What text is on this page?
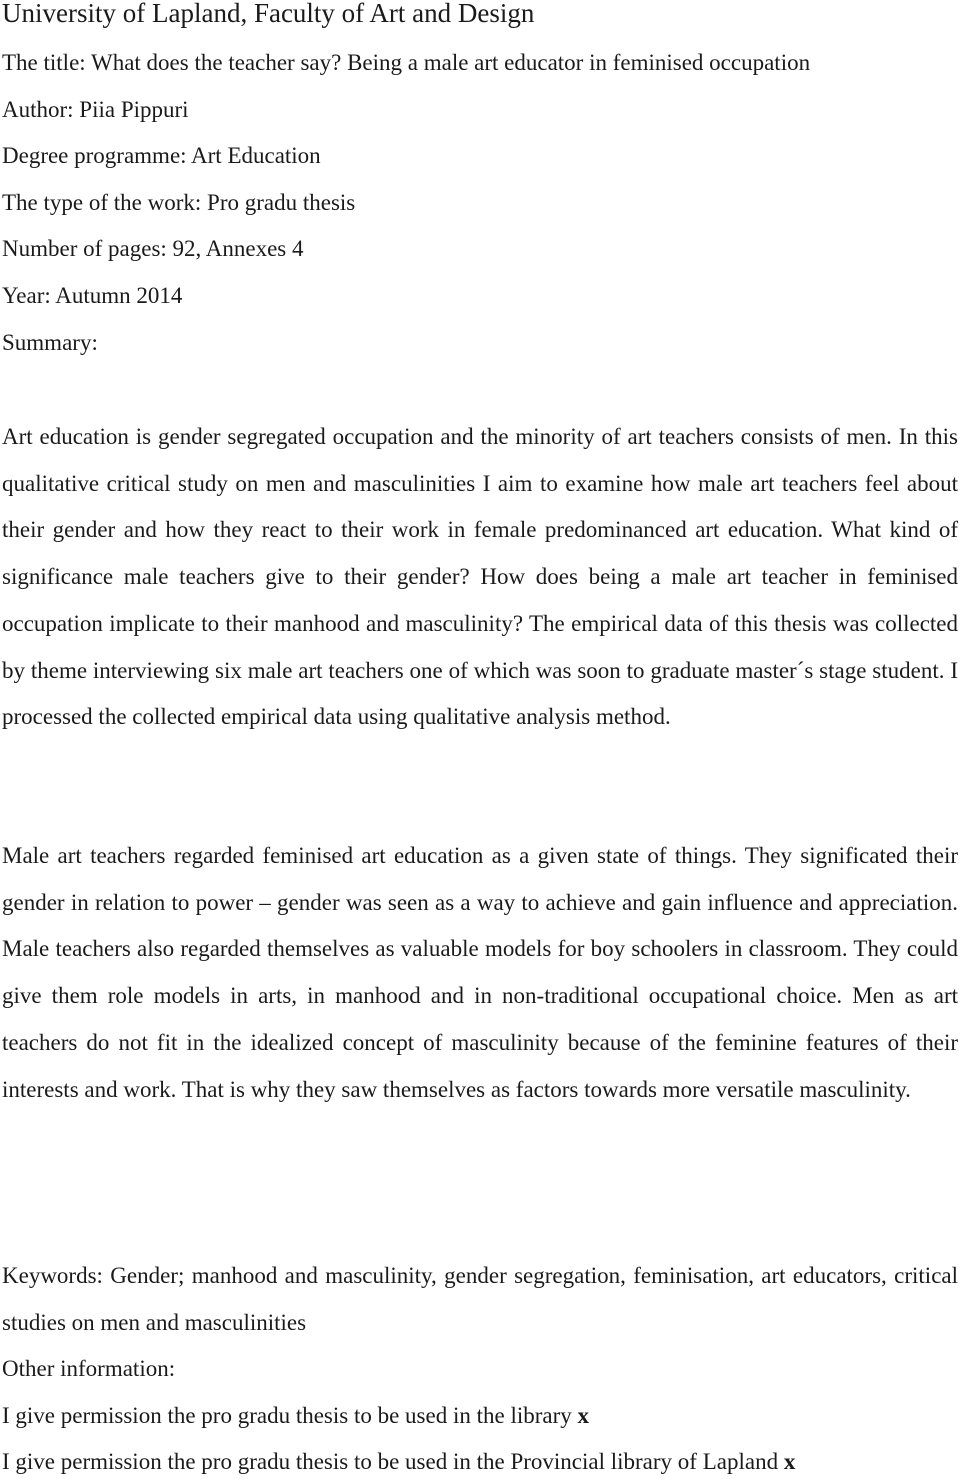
University of Lapland, Faculty of Art and Design
The title: What does the teacher say? Being a male art educator in feminised occupation
Author: Piia Pippuri
Degree programme: Art Education
The type of the work: Pro gradu thesis
Number of pages: 92, Annexes 4
Year: Autumn 2014
Summary:
Art education is gender segregated occupation and the minority of art teachers consists of men. In this qualitative critical study on men and masculinities I aim to examine how male art teachers feel about their gender and how they react to their work in female predominanced art education. What kind of significance male teachers give to their gender? How does being a male art teacher in feminised occupation implicate to their manhood and masculinity? The empirical data of this thesis was collected by theme interviewing six male art teachers one of which was soon to graduate master´s stage student. I processed the collected empirical data using qualitative analysis method.
Male art teachers regarded feminised art education as a given state of things. They significated their gender in relation to power – gender was seen as a way to achieve and gain influence and appreciation. Male teachers also regarded themselves as valuable models for boy schoolers in classroom. They could give them role models in arts, in manhood and in non-traditional occupational choice. Men as art teachers do not fit in the idealized concept of masculinity because of the feminine features of their interests and work. That is why they saw themselves as factors towards more versatile masculinity.
Keywords: Gender; manhood and masculinity, gender segregation, feminisation, art educators, critical studies on men and masculinities
Other information:
I give permission the pro gradu thesis to be used in the library x
I give permission the pro gradu thesis to be used in the Provincial library of Lapland x
